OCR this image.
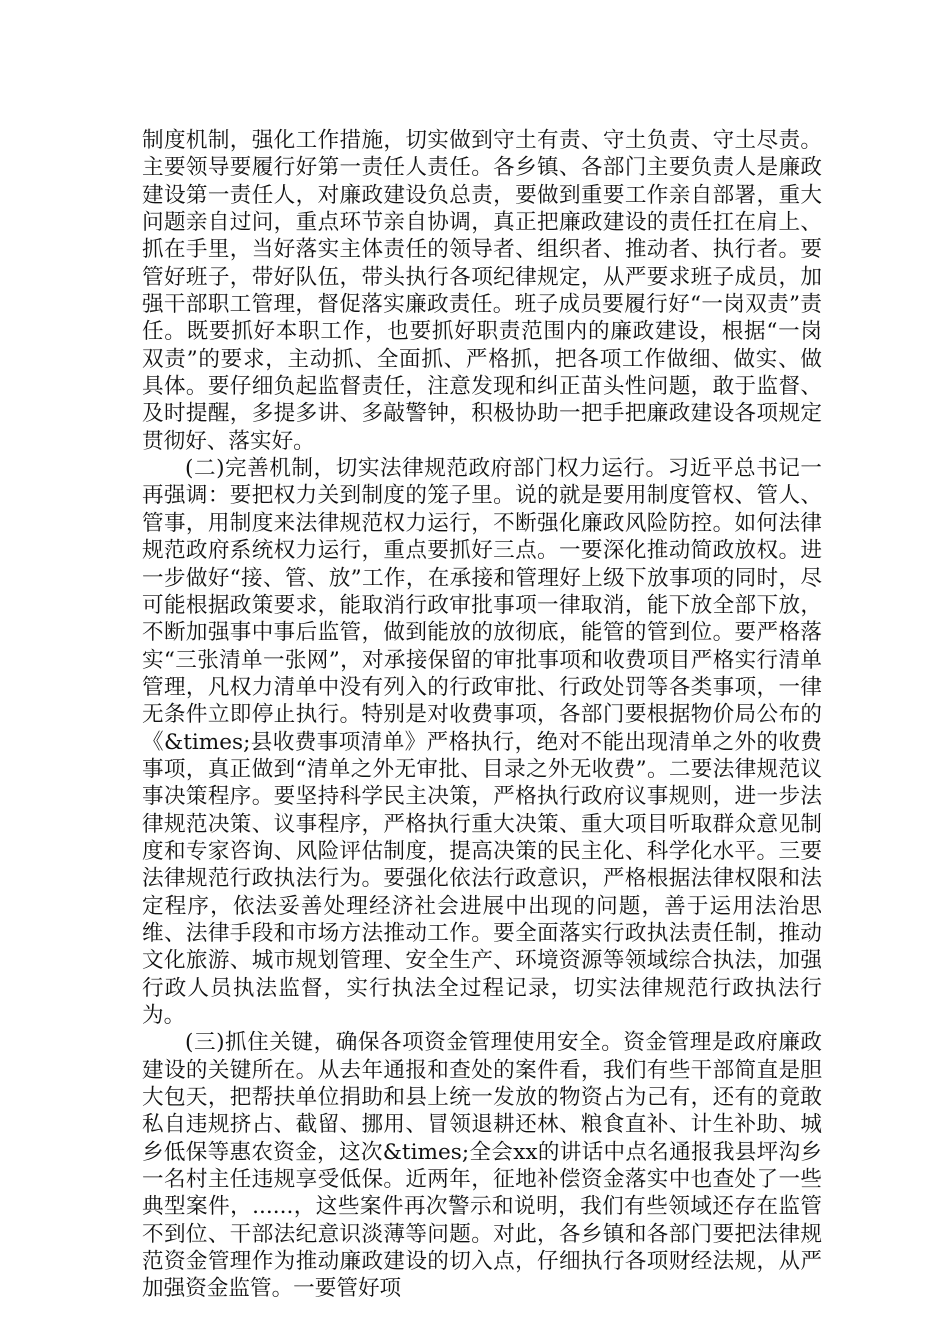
制度机制，强化工作措施，切实做到守土有责、守土负责、守土尽责。主要领导要履行好第一责任人责任。各乡镇、各部门主要负责人是廉政建设第一责任人，对廉政建设负总责，要做到重要工作亲自部署，重大问题亲自过问，重点环节亲自协调，真正把廉政建设的责任扛在肩上、抓在手里，当好落实主体责任的领导者、组织者、推动者、执行者。要管好班子，带好队伍，带头执行各项纪律规定，从严要求班子成员，加强干部职工管理，督促落实廉政责任。班子成员要履行好“一岗双责”责任。既要抓好本职工作，也要抓好职责范围内的廉政建设，根据“一岗双责”的要求，主动抓、全面抓、严格抓，把各项工作做细、做实、做具体。要仔细负起监督责任，注意发现和纠正苗头性问题，敢于监督、及时提醒，多提多讲、多敲警钟，积极协助一把手把廉政建设各项规定贯彻好、落实好。

(二)完善机制，切实法律规范政府部门权力运行。习近平总书记一再强调：要把权力关到制度的笼子里。说的就是要用制度管权、管人、管事，用制度来法律规范权力运行，不断强化廉政风险防控。如何法律规范政府系统权力运行，重点要抓好三点。一要深化推动简政放权。进一步做好“接、管、放”工作，在承接和管理好上级下放事项的同时，尽可能根据政策要求，能取消行政审批事项一律取消，能下放全部下放，不断加强事中事后监管，做到能放的放彻底，能管的管到位。要严格落实“三张清单一张网”，对承接保留的审批事项和收费项目严格实行清单管理，凡权力清单中没有列入的行政审批、行政处罚等各类事项，一律无条件立即停止执行。特别是对收费事项，各部门要根据物价局公布的《&times;县收费事项清单》严格执行，绝对不能出现清单之外的收费事项，真正做到“清单之外无审批、目录之外无收费”。二要法律规范议事决策程序。要坚持科学民主决策，严格执行政府议事规则，进一步法律规范决策、议事程序，严格执行重大决策、重大项目听取群众意见制度和专家咨询、风险评估制度，提高决策的民主化、科学化水平。三要法律规范行政执法行为。要强化依法行政意识，严格根据法律权限和法定程序，依法妥善处理经济社会进展中出现的问题，善于运用法治思维、法律手段和市场方法推动工作。要全面落实行政执法责任制，推动文化旅游、城市规划管理、安全生产、环境资源等领域综合执法，加强行政人员执法监督，实行执法全过程记录，切实法律规范行政执法行为。

(三)抓住关键，确保各项资金管理使用安全。资金管理是政府廉政建设的关键所在。从去年通报和查处的案件看，我们有些干部简直是胆大包天，把帮扶单位捐助和县上统一发放的物资占为己有，还有的竟敢私自违规挤占、截留、挪用、冒领退耕还林、粮食直补、计生补助、城乡低保等惠农资金，这次&times;全会xx的讲话中点名通报我县坪沟乡一名村主任违规享受低保。近两年，征地补偿资金落实中也查处了一些典型案件，......，这些案件再次警示和说明，我们有些领域还存在监管不到位、干部法纪意识淡薄等问题。对此，各乡镇和各部门要把法律规范资金管理作为推动廉政建设的切入点，仔细执行各项财经法规，从严加强资金监管。一要管好项
